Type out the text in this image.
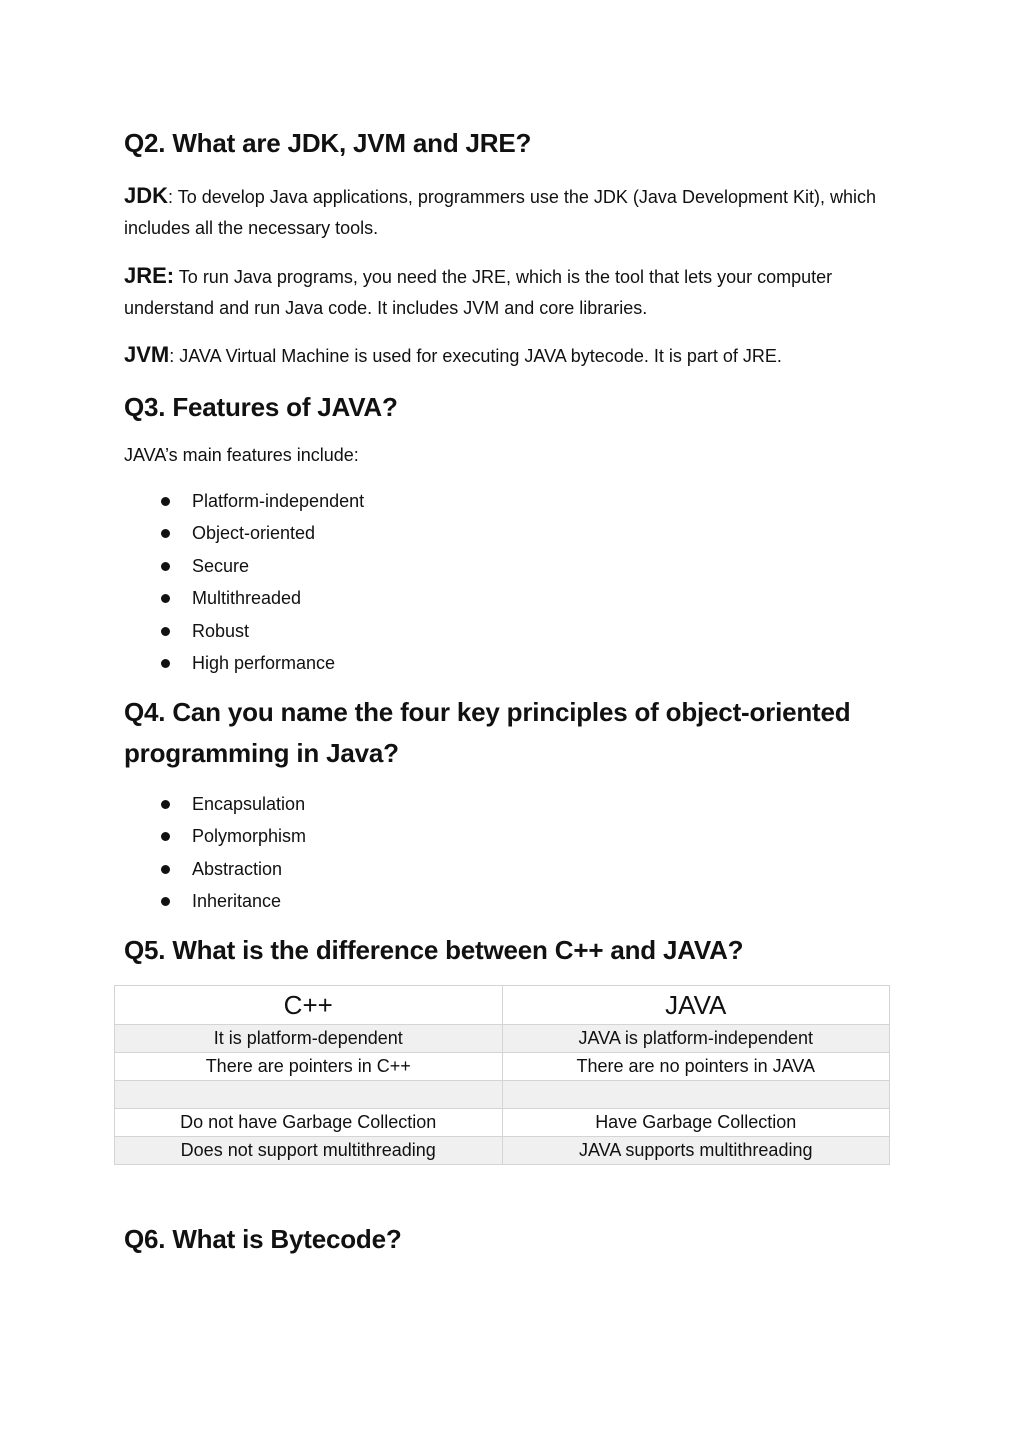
Q2. What are JDK, JVM and JRE?

JDK: To develop Java applications, programmers use the JDK (Java Development Kit), which includes all the necessary tools.

JRE: To run Java programs, you need the JRE, which is the tool that lets your computer understand and run Java code. It includes JVM and core libraries.

JVM: JAVA Virtual Machine is used for executing JAVA bytecode. It is part of JRE.

Q3. Features of JAVA?

JAVA’s main features include:

Platform-independent
Object-oriented
Secure
Multithreaded
Robust
High performance
Q4. Can you name the four key principles of object-oriented programming in Java?
Encapsulation
Polymorphism
Abstraction
Inheritance
Q5. What is the difference between C++ and JAVA?
Q6. What is Bytecode?
C++	JAVA
It is platform-dependent	JAVA is platform-independent
There are pointers in C++	There are no pointers in JAVA

Do not have Garbage Collection	Have Garbage Collection
Does not support multithreading	JAVA supports multithreading
